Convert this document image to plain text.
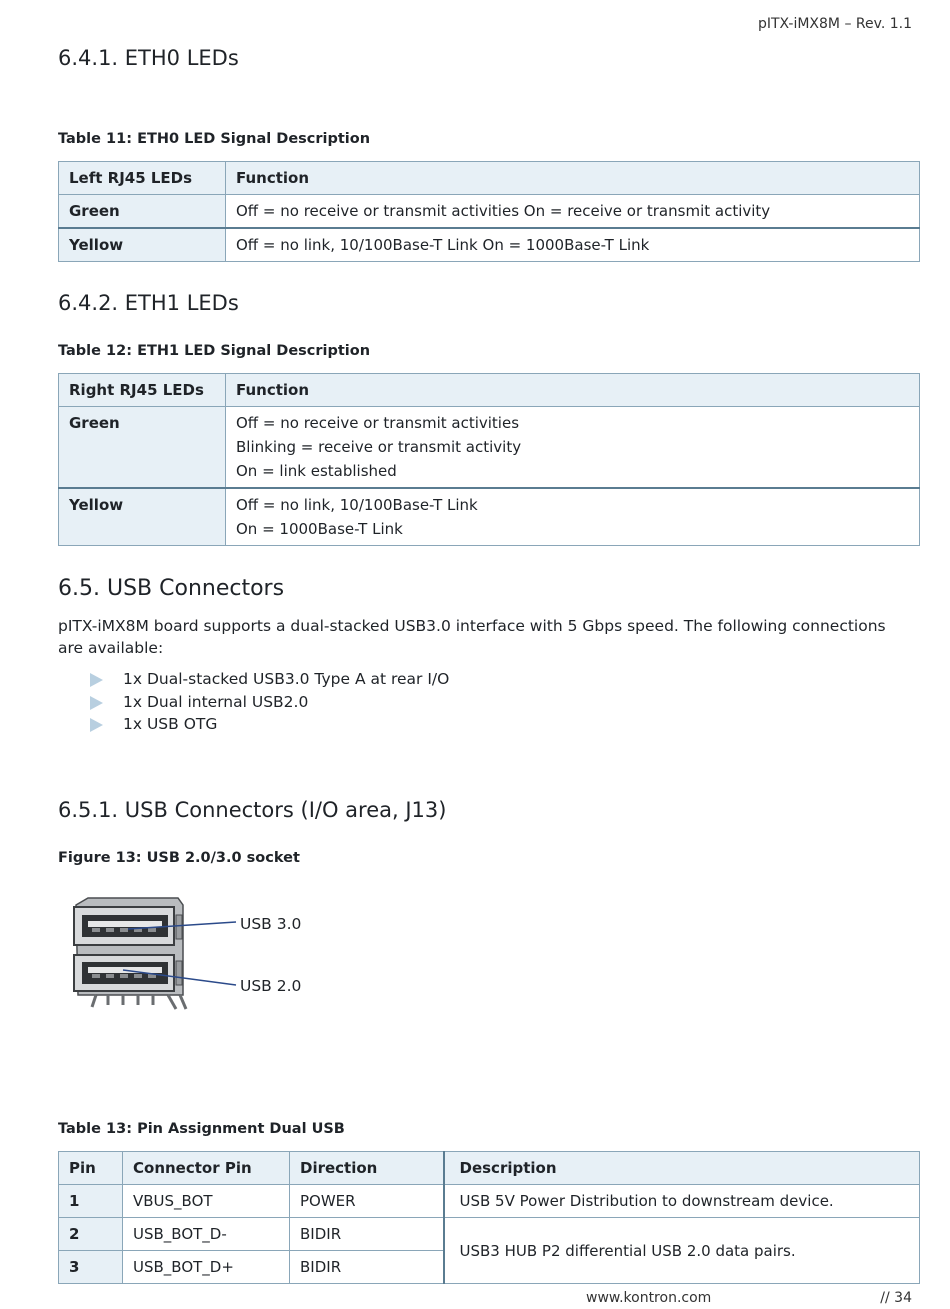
pITX-iMX8M – Rev. 1.1
6.4.1. ETH0 LEDs
Table 11: ETH0 LED Signal Description
Left RJ45 LEDs	Function
Green	Off = no receive or transmit activities On = receive or transmit activity
Yellow	Off = no link, 10/100Base-T Link On = 1000Base-T Link
6.4.2. ETH1 LEDs
Table 12: ETH1 LED Signal Description
Right RJ45 LEDs	Function
Green	Off = no receive or transmit activities
Blinking = receive or transmit activity
On = link established

Yellow	Off = no link, 10/100Base-T Link
On = 1000Base-T Link
6.5. USB Connectors
pITX-iMX8M board supports a dual-stacked USB3.0 interface with 5 Gbps speed. The following connections are available:
1x Dual-stacked USB3.0 Type A at rear I/O
1x Dual internal USB2.0
1x USB OTG
6.5.1. USB Connectors (I/O area, J13)
Figure 13: USB 2.0/3.0 socket
USB 3.0
USB 2.0
Table 13: Pin Assignment Dual USB
Pin	Connector Pin	Direction	Description
1	VBUS_BOT	POWER	USB 5V Power Distribution to downstream device.
2	USB_BOT_D-	BIDIR	USB3 HUB P2 differential USB 2.0 data pairs.
3	USB_BOT_D+	BIDIR	
www.kontron.com	// 34
